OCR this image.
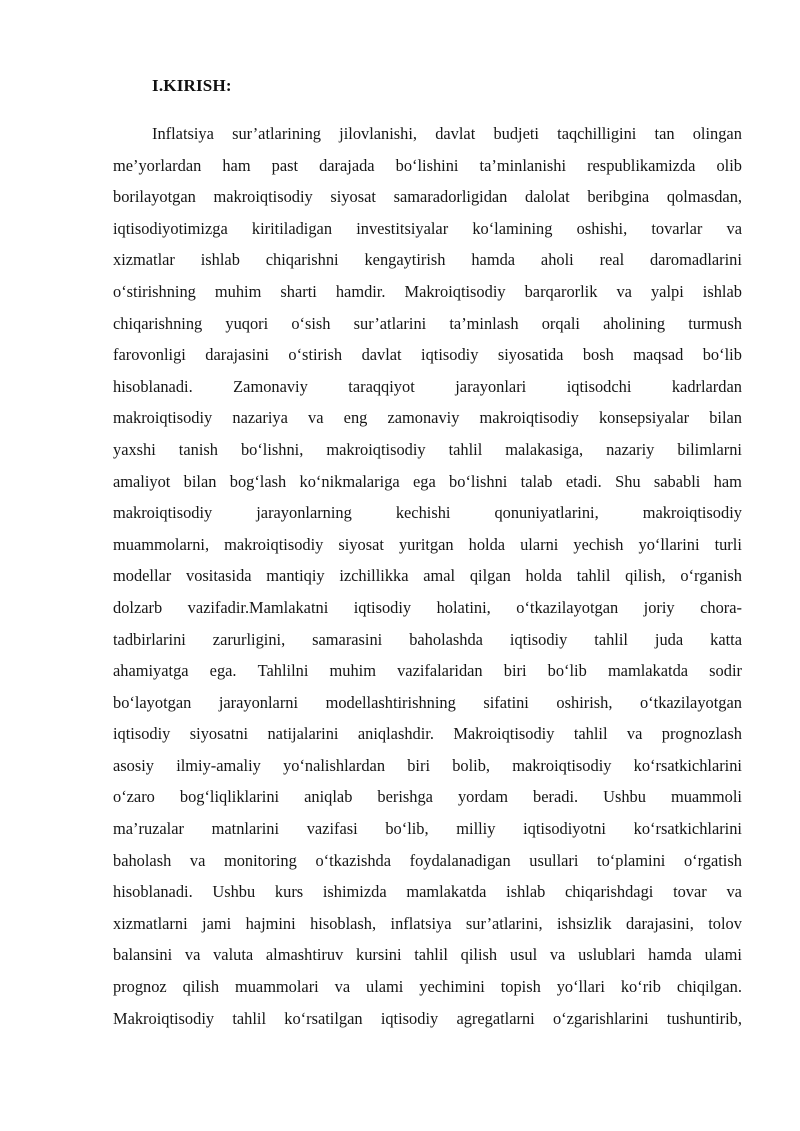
I.KIRISH:
Inflatsiya sur’atlarining jilovlanishi, davlat budjeti taqchilligini tan olingan
me’yorlardan ham past darajada bo‘lishini ta’minlanishi respublikamizda olib
borilayotgan makroiqtisodiy siyosat samaradorligidan dalolat beribgina qolmasdan,
iqtisodiyotimizga kiritiladigan investitsiyalar ko‘lamining oshishi, tovarlar va
xizmatlar ishlab chiqarishni kengaytirish hamda aholi real daromadlarini
o‘stirishning muhim sharti hamdir. Makroiqtisodiy barqarorlik va yalpi ishlab
chiqarishning yuqori o‘sish sur’atlarini ta’minlash orqali aholining turmush
farovonligi darajasini o‘stirish davlat iqtisodiy siyosatida bosh maqsad bo‘lib
hisoblanadi. Zamonaviy taraqqiyot jarayonlari iqtisodchi kadrlardan
makroiqtisodiy nazariya va eng zamonaviy makroiqtisodiy konsepsiyalar bilan
yaxshi tanish bo‘lishni, makroiqtisodiy tahlil malakasiga, nazariy bilimlarni
amaliyot bilan bog‘lash ko‘nikmalariga ega bo‘lishni talab etadi. Shu sababli ham
makroiqtisodiy	jarayonlarning	kechishi	qonuniyatlarini,	makroiqtisodiy
muammolarni, makroiqtisodiy siyosat yuritgan holda ularni yechish yo‘llarini turli
modellar vositasida mantiqiy izchillikka amal qilgan holda tahlil qilish, o‘rganish
dolzarb vazifadir.Mamlakatni iqtisodiy holatini, o‘tkazilayotgan joriy chora-
tadbirlarini zarurligini, samarasini baholashda iqtisodiy tahlil juda katta
ahamiyatga ega. Tahlilni muhim vazifalaridan biri bo‘lib mamlakatda sodir
bo‘layotgan jarayonlarni modellashtirishning sifatini oshirish, o‘tkazilayotgan
iqtisodiy siyosatni natijalarini aniqlashdir. Makroiqtisodiy tahlil va prognozlash
asosiy ilmiy-amaliy yo‘nalishlardan biri bolib, makroiqtisodiy ko‘rsatkichlarini
o‘zaro bog‘liqliklarini aniqlab berishga yordam beradi. Ushbu muammoli
ma’ruzalar matnlarini vazifasi bo‘lib, milliy iqtisodiyotni ko‘rsatkichlarini
baholash va monitoring o‘tkazishda foydalanadigan usullari to‘plamini o‘rgatish
hisoblanadi. Ushbu kurs ishimizda mamlakatda ishlab chiqarishdagi tovar va
xizmatlarni jami hajmini hisoblash, inflatsiya sur’atlarini, ishsizlik darajasini, tolov
balansini va valuta almashtiruv kursini tahlil qilish usul va uslublari hamda ulami
prognoz qilish muammolari va ulami yechimini topish yo‘llari ko‘rib chiqilgan.
Makroiqtisodiy tahlil ko‘rsatilgan iqtisodiy agregatlarni o‘zgarishlarini tushuntirib,
